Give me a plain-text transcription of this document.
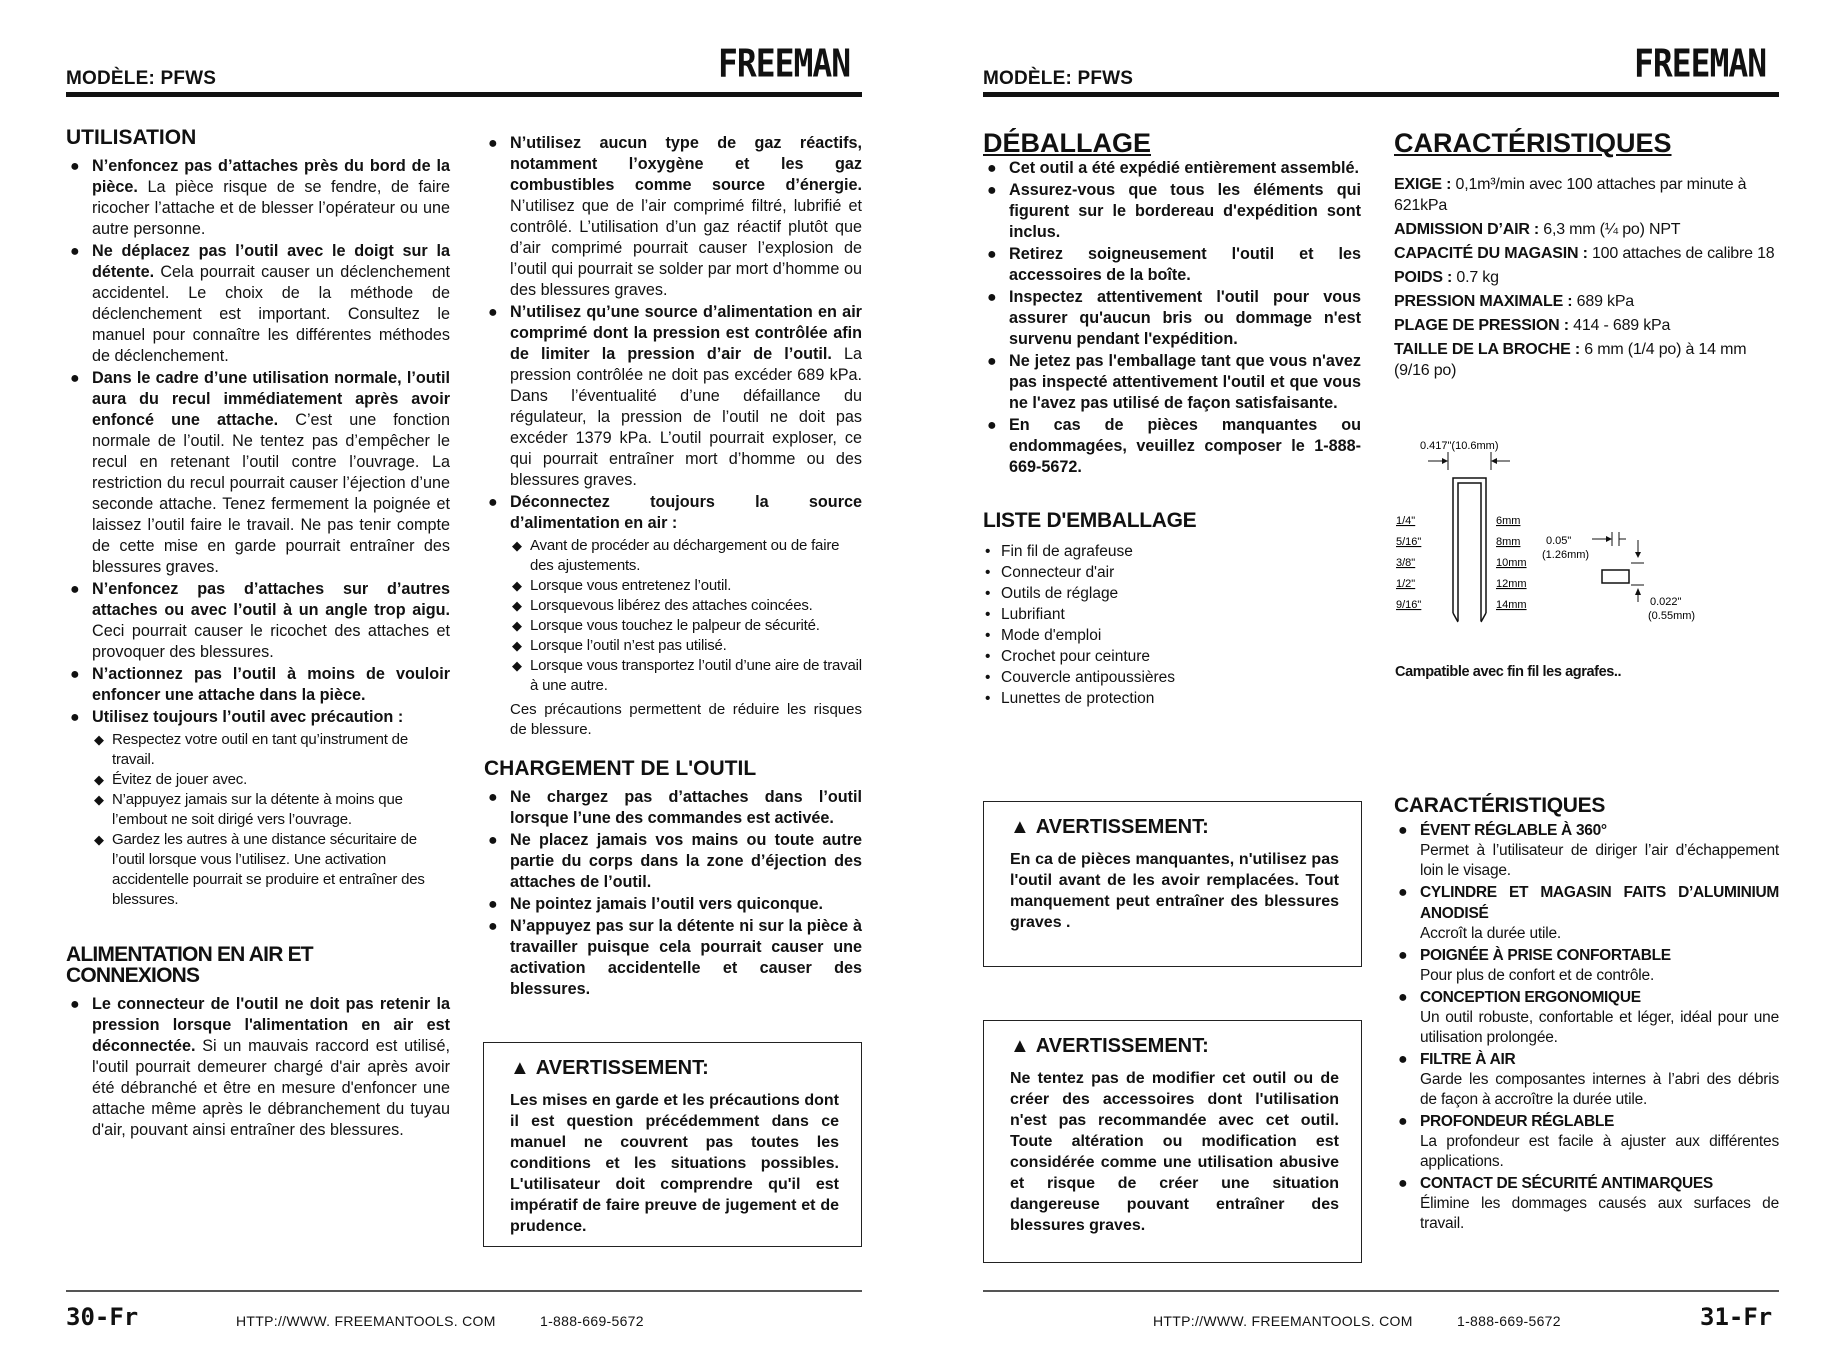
MODÈLE: PFWS	FREEMAN
UTILISATION
● N’enfoncez pas d’attaches près du bord de la pièce. La pièce risque de se fendre, de faire ricocher l’attache et de blesser l’opérateur ou une autre personne.
● Ne déplacez pas l’outil avec le doigt sur la détente. Cela pourrait causer un déclenchement accidentel. Le choix de la méthode de déclenchement est important. Consultez le manuel pour connaître les différentes méthodes de déclenchement.
● Dans le cadre d’une utilisation normale, l’outil aura du recul immédiatement après avoir enfoncé une attache. C’est une fonction normale de l’outil. Ne tentez pas d’empêcher le recul en retenant l’outil contre l’ouvrage. La restriction du recul pourrait causer l’éjection d’une seconde attache. Tenez fermement la poignée et laissez l’outil faire le travail. Ne pas tenir compte de cette mise en garde pourrait entraîner des blessures graves.
● N’enfoncez pas d’attaches sur d’autres attaches ou avec l’outil à un angle trop aigu. Ceci pourrait causer le ricochet des attaches et provoquer des blessures.
● N’actionnez pas l’outil à moins de vouloir enfoncer une attache dans la pièce.
● Utilisez toujours l’outil avec précaution :
◆ Respectez votre outil en tant qu’instrument de travail.
◆ Évitez de jouer avec.
◆ N’appuyez jamais sur la détente à moins que l’embout ne soit dirigé vers l’ouvrage.
◆ Gardez les autres à une distance sécuritaire de l’outil lorsque vous l’utilisez. Une activation accidentelle pourrait se produire et entraîner des blessures.
ALIMENTATION EN AIR ET CONNEXIONS
● Le connecteur de l'outil ne doit pas retenir la pression lorsque l'alimentation en air est déconnectée. Si un mauvais raccord est utilisé, l'outil pourrait demeurer chargé d'air après avoir été débranché et être en mesure d'enfoncer une attache même après le débranchement du tuyau d'air, pouvant ainsi entraîner des blessures.
● N’utilisez aucun type de gaz réactifs, notamment l’oxygène et les gaz combustibles comme source d’énergie. N’utilisez que de l’air comprimé filtré, lubrifié et contrôlé. L’utilisation d’un gaz réactif plutôt que d’air comprimé pourrait causer l’explosion de l’outil qui pourrait se solder par mort d’homme ou des blessures graves.
● N’utilisez qu’une source d’alimentation en air comprimé dont la pression est contrôlée afin de limiter la pression d’air de l’outil. La pression contrôlée ne doit pas excéder 689 kPa. Dans l’éventualité d’une défaillance du régulateur, la pression de l’outil ne doit pas excéder 1379 kPa. L’outil pourrait exploser, ce qui pourrait entraîner mort d’homme ou des blessures graves.
● Déconnectez toujours la source d’alimentation en air :
◆ Avant de procéder au déchargement ou de faire des ajustements.
◆ Lorsque vous entretenez l’outil.
◆ Lorsquevous libérez des attaches coincées.
◆ Lorsque vous touchez le palpeur de sécurité.
◆ Lorsque l’outil n’est pas utilisé.
◆ Lorsque vous transportez l’outil d’une aire de travail à une autre.

Ces précautions permettent de réduire les risques de blessure.

CHARGEMENT DE L'OUTIL
● Ne chargez pas d’attaches dans l’outil lorsque l’une des commandes est activée.
● Ne placez jamais vos mains ou toute autre partie du corps dans la zone d’éjection des attaches de l’outil.
● Ne pointez jamais l’outil vers quiconque.
● N’appuyez pas sur la détente ni sur la pièce à travailler puisque cela pourrait causer une activation accidentelle et causer des blessures.
▲ AVERTISSEMENT:

Les mises en garde et les précautions dont il est question précédemment dans ce manuel ne couvrent pas toutes les conditions et les situations possibles. L'utilisateur doit comprendre qu'il est impératif de faire preuve de jugement et de prudence.

30-Fr	HTTP://WWW. FREEMANTOOLS. COM	1-888-669-5672
MODÈLE: PFWS	FREEMAN
DÉBALLAGE
● Cet outil a été expédié entièrement assemblé.
● Assurez-vous que tous les éléments qui figurent sur le bordereau d'expédition sont inclus.
● Retirez soigneusement l'outil et les accessoires de la boîte.
● Inspectez attentivement l'outil pour vous assurer qu'aucun bris ou dommage n'est survenu pendant l'expédition.
● Ne jetez pas l'emballage tant que vous n'avez pas inspecté attentivement l'outil et que vous ne l'avez pas utilisé de façon satisfaisante.
● En cas de pièces manquantes ou endommagées, veuillez composer le 1-888-669-5672.
LISTE D'EMBALLAGE
• Fin fil de agrafeuse
• Connecteur d'air
• Outils de réglage
• Lubrifiant
• Mode d'emploi
• Crochet pour ceinture
• Couvercle antipoussières
• Lunettes de protection
▲ AVERTISSEMENT:

En ca de pièces manquantes, n'utilisez pas l'outil avant de les avoir remplacées. Tout manquement peut entraîner des blessures graves .

▲ AVERTISSEMENT:

Ne tentez pas de modifier cet outil ou de créer des accessoires dont l'utilisation n'est pas recommandée avec cet outil. Toute altération ou modification est considérée comme une utilisation abusive et risque de créer une situation dangereuse pouvant entraîner des blessures graves.

CARACTÉRISTIQUES

EXIGE : 0,1m³/min avec 100 attaches par minute à 621kPa

ADMISSION D’AIR : 6,3 mm (¼ po) NPT

CAPACITÉ DU MAGASIN : 100 attaches de calibre 18

POIDS : 0.7 kg

PRESSION MAXIMALE : 689 kPa

PLAGE DE PRESSION : 414 - 689 kPa

TAILLE DE LA BROCHE : 6 mm (1/4 po) à 14 mm (9/16 po)

0.417"(10.6mm)
1/4"
5/16"
3/8"
1/2"
9/16"
6mm
8mm
10mm
12mm
14mm
0.05"
(1.26mm)
0.022"
(0.55mm)
Campatible avec fin fil les agrafes..
CARACTÉRISTIQUES
● ÉVENT RÉGLABLE À 360°
Permet à l’utilisateur de diriger l’air d’échappement loin le visage.
● CYLINDRE ET MAGASIN FAITS D’ALUMINIUM ANODISÉ
Accroît la durée utile.
● POIGNÉE À PRISE CONFORTABLE
Pour plus de confort et de contrôle.
● CONCEPTION ERGONOMIQUE
Un outil robuste, confortable et léger, idéal pour une utilisation prolongée.
● FILTRE À AIR
Garde les composantes internes à l’abri des débris de façon à accroître la durée utile.
● PROFONDEUR RÉGLABLE
La profondeur est facile à ajuster aux différentes applications.
● CONTACT DE SÉCURITÉ ANTIMARQUES
Élimine les dommages causés aux surfaces de travail.
HTTP://WWW. FREEMANTOOLS. COM	1-888-669-5672	31-Fr
